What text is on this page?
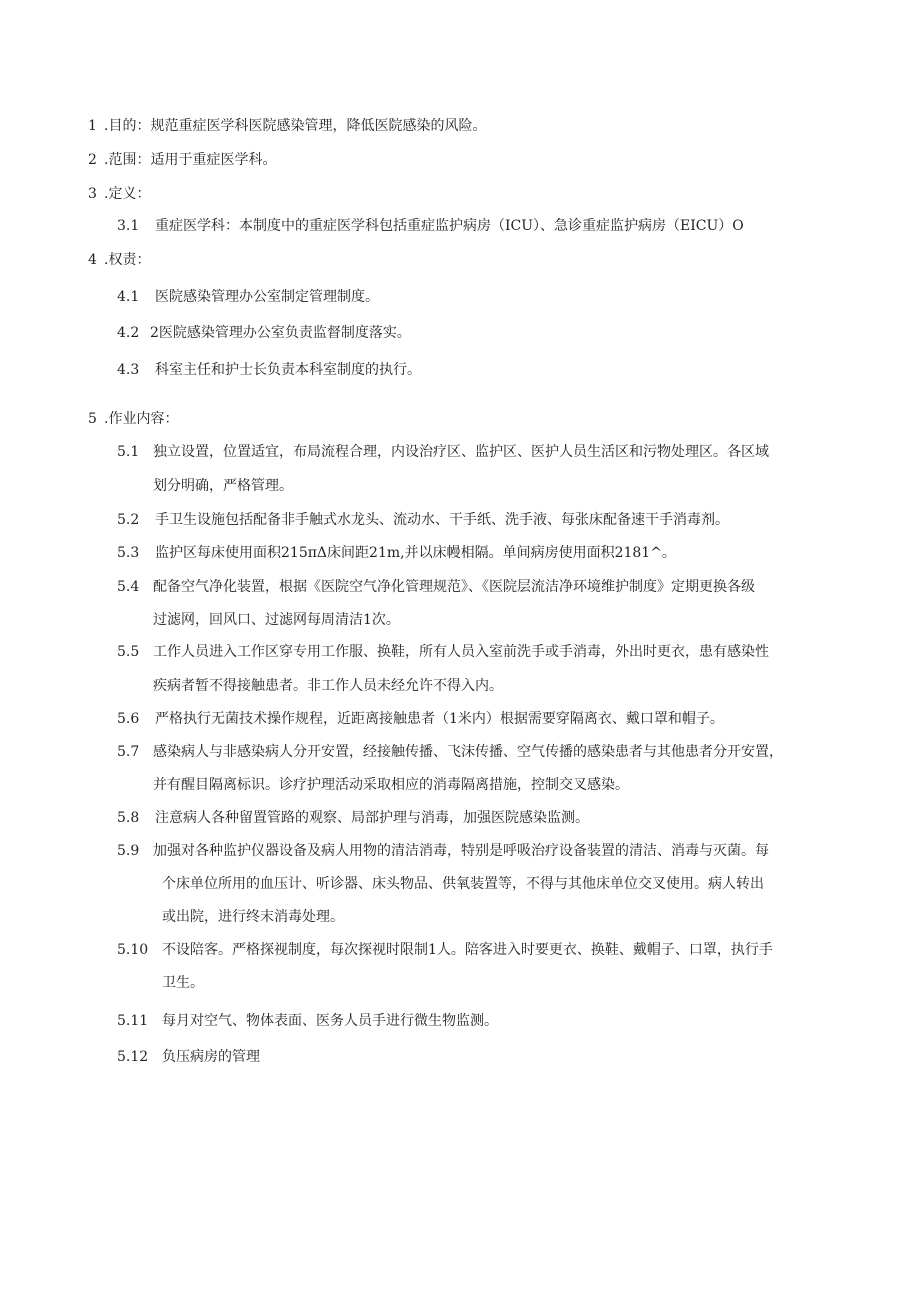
1 .目的：规范重症医学科医院感染管理，降低医院感染的风险。
2 .范围：适用于重症医学科。
3 .定义：
3.1 重症医学科：本制度中的重症医学科包括重症监护病房（ICU）、急诊重症监护病房（EICU）O
4 .权责：
4.1 医院感染管理办公室制定管理制度。
4.2 2医院感染管理办公室负责监督制度落实。
4.3 科室主任和护士长负责本科室制度的执行。
5 .作业内容：
5.1 独立设置，位置适宜，布局流程合理，内设治疗区、监护区、医护人员生活区和污物处理区。各区域
划分明确，严格管理。
5.2 手卫生设施包括配备非手触式水龙头、流动水、干手纸、洗手液、每张床配备速干手消毒剂。
5.3 监护区每床使用面积215πΔ床间距21m,并以床幔相隔。单间病房使用面积2181^。
5.4 配备空气净化装置，根据《医院空气净化管理规范》、《医院层流洁净环境维护制度》定期更换各级
过滤网，回风口、过滤网每周清洁1次。
5.5 工作人员进入工作区穿专用工作服、换鞋，所有人员入室前洗手或手消毒，外出时更衣，患有感染性
疾病者暂不得接触患者。非工作人员未经允许不得入内。
5.6 严格执行无菌技术操作规程，近距离接触患者（1米内）根据需要穿隔离衣、戴口罩和帽子。
5.7 感染病人与非感染病人分开安置，经接触传播、飞沫传播、空气传播的感染患者与其他患者分开安置，
并有醒目隔离标识。诊疗护理活动采取相应的消毒隔离措施，控制交叉感染。
5.8 注意病人各种留置管路的观察、局部护理与消毒，加强医院感染监测。
5.9 加强对各种监护仪器设备及病人用物的清洁消毒，特别是呼吸治疗设备装置的清洁、消毒与灭菌。每
个床单位所用的血压计、听诊器、床头物品、供氧装置等，不得与其他床单位交叉使用。病人转出
或出院，进行终末消毒处理。
5.10 不设陪客。严格探视制度，每次探视时限制1人。陪客进入时要更衣、换鞋、戴帽子、口罩，执行手
卫生。
5.11 每月对空气、物体表面、医务人员手进行微生物监测。
5.12 负压病房的管理
